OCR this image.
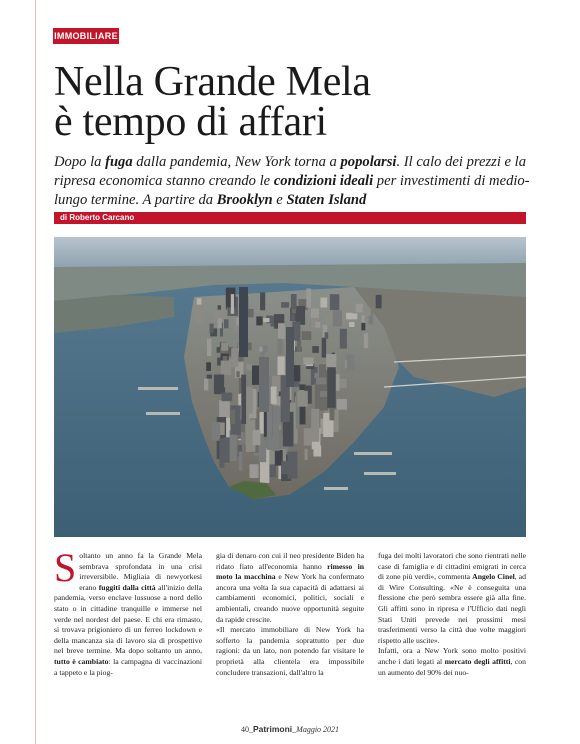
IMMOBILIARE
Nella Grande Mela
è tempo di affari

Dopo la fuga dalla pandemia, New York torna a popolarsi. Il calo dei prezzi e la ripresa economica stanno creando le condizioni ideali per investimenti di medio-lungo termine. A partire da Brooklyn e Staten Island

di Roberto Carcano

Soltanto un anno fa la Grande Mela sembrava sprofondata in una crisi irreversibile. Migliaia di newyorkesi erano fuggiti dalla città all'inizio della pandemia, verso enclave lussuose a nord dello stato o in cittadine tranquille e immerse nel verde nel nordest del paese. E chi era rimasto, si trovava prigioniero di un ferreo lockdown e della mancanza sia di lavoro sia di prospettive nel breve termine. Ma dopo soltanto un anno, tutto è cambiato: la campagna di vaccinazioni a tappeto e la piog-

gia di denaro con cui il neo presidente Biden ha ridato fiato all'economia hanno rimesso in moto la macchina e New York ha confermato ancora una volta la sua capacità di adattarsi ai cambiamenti economici, politici, sociali e ambientali, creando nuove opportunità seguite da rapide crescite.

«Il mercato immobiliare di New York ha sofferto la pandemia soprattutto per due ragioni: da un lato, non potendo far visitare le proprietà alla clientela era impossibile concludere transazioni, dall'altro la

fuga dei molti lavoratori che sono rientrati nelle case di famiglia e di cittadini emigrati in cerca di zone più verdi», commenta Angelo Cinel, ad di Wire Consulting. «Ne è conseguita una flessione che però sembra essere già alla fine. Gli affitti sono in ripresa e l'Ufficio dati negli Stati Uniti prevede nei prossimi mesi trasferimenti verso la città due volte maggiori rispetto alle uscite».

Infatti, ora a New York sono molto positivi anche i dati legati al mercato degli affitti, con un aumento del 90% dei nuo-

40_Patrimoni_Maggio 2021
